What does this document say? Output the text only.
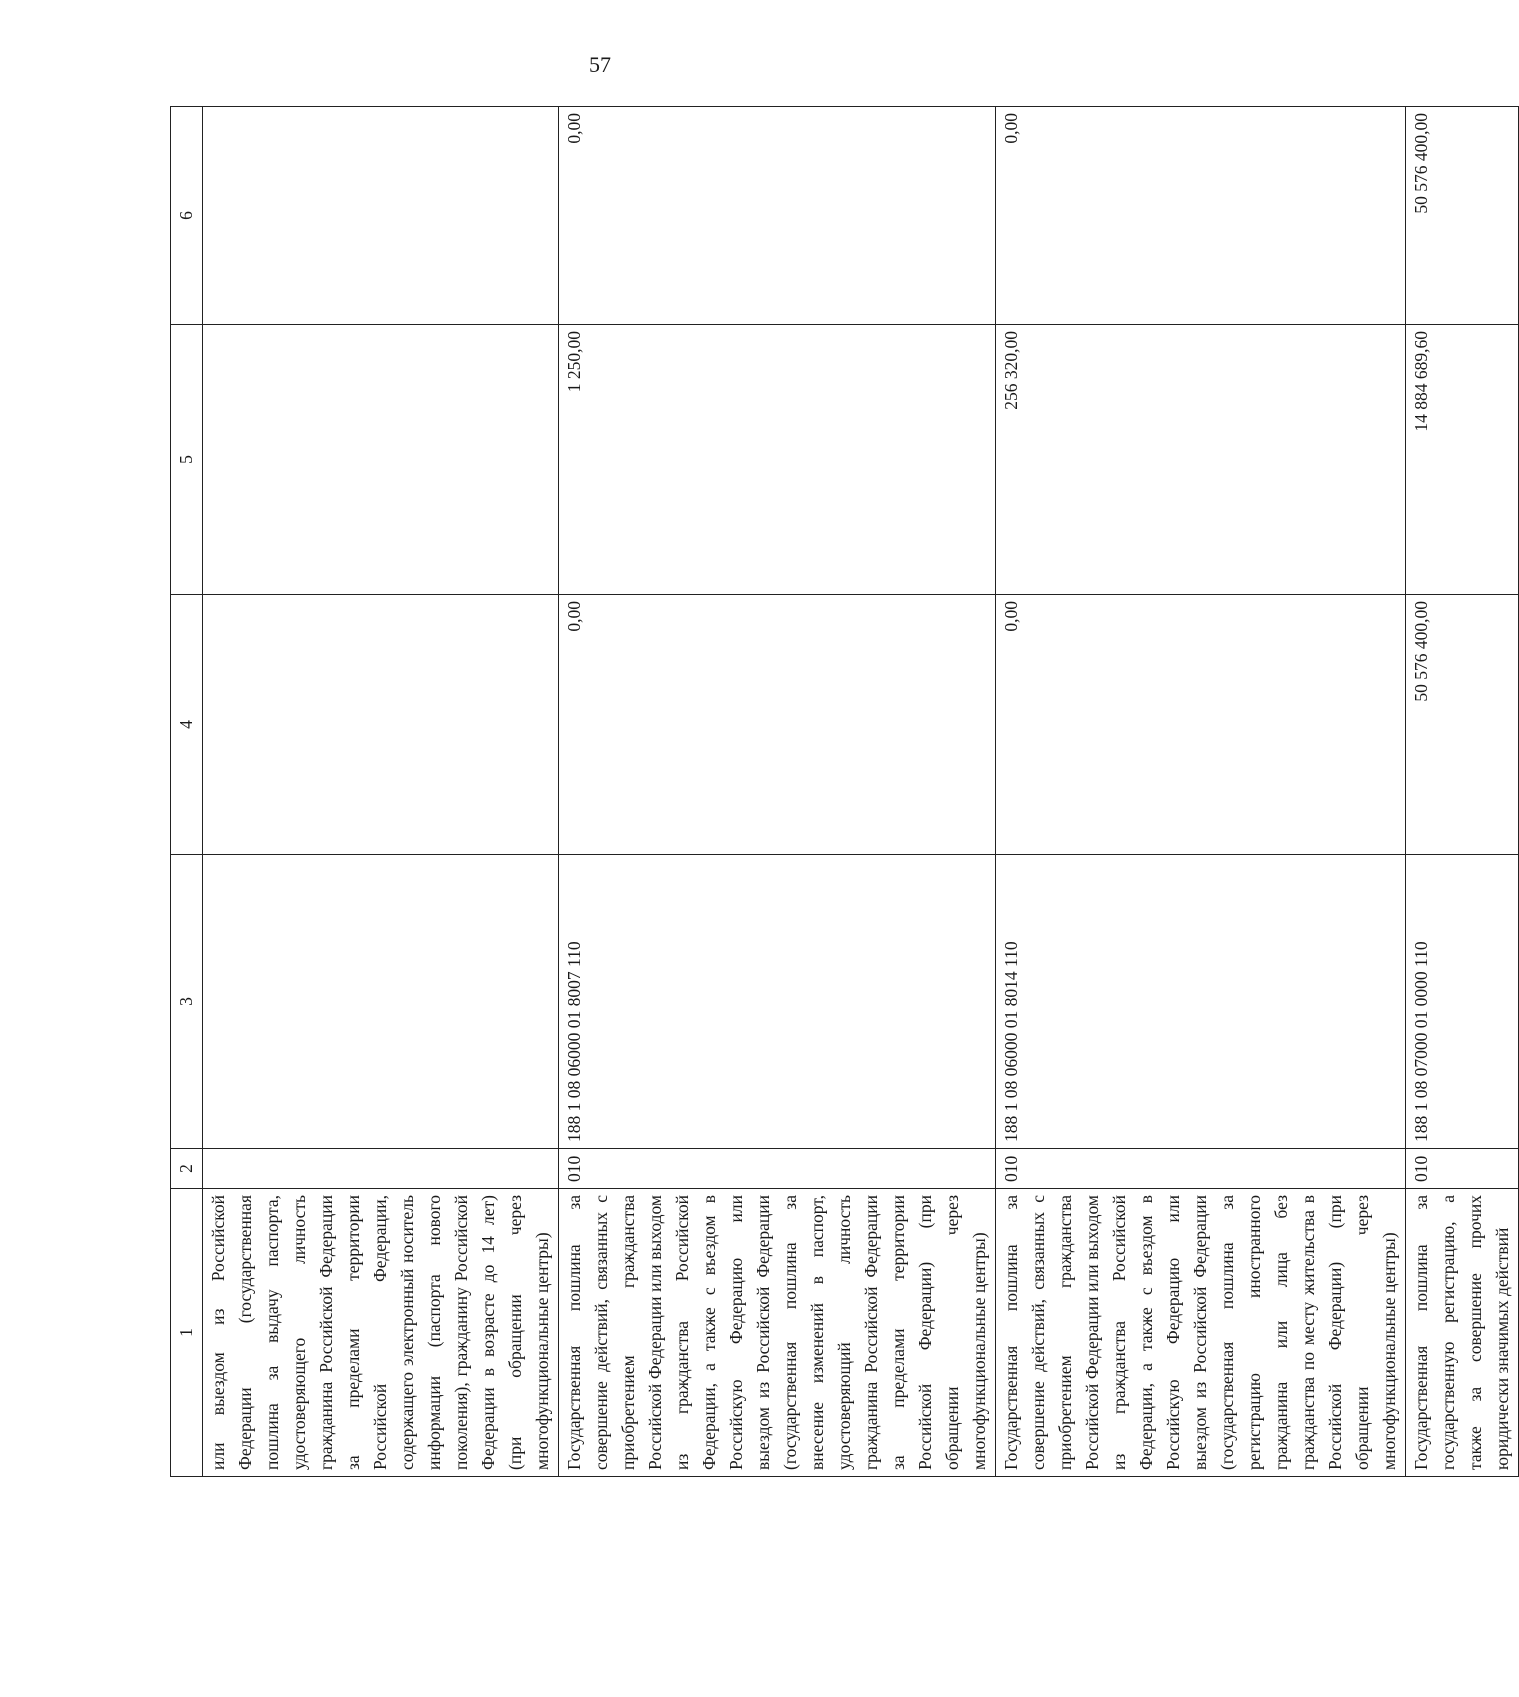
57
1	2	3	4	5	6
или выездом из Российской Федерации (государственная пошлина за выдачу паспорта, удостоверяющего личность гражданина Российской Федерации за пределами территории Российской Федерации, содержащего электронный носитель информации (паспорта нового поколения), гражданину Российской Федерации в возрасте до 14 лет) (при обращении через многофункциональные центры)					
Государственная пошлина за совершение действий, связанных с приобретением гражданства Российской Федерации или выходом из гражданства Российской Федерации, а также с въездом в Российскую Федерацию или выездом из Российской Федерации (государственная пошлина за внесение изменений в паспорт, удостоверяющий личность гражданина Российской Федерации за пределами территории Российской Федерации) (при обращении через многофункциональные центры)	010	188 1 08 06000 01 8007 110	0,00	1 250,00	0,00
Государственная пошлина за совершение действий, связанных с приобретением гражданства Российской Федерации или выходом из гражданства Российской Федерации, а также с въездом в Российскую Федерацию или выездом из Российской Федерации (государственная пошлина за регистрацию иностранного гражданина или лица без гражданства по месту жительства в Российской Федерации) (при обращении через многофункциональные центры)	010	188 1 08 06000 01 8014 110	0,00	256 320,00	0,00
Государственная пошлина за государственную регистрацию, а также за совершение прочих юридически значимых действий	010	188 1 08 07000 01 0000 110	50 576 400,00	14 884 689,60	50 576 400,00
